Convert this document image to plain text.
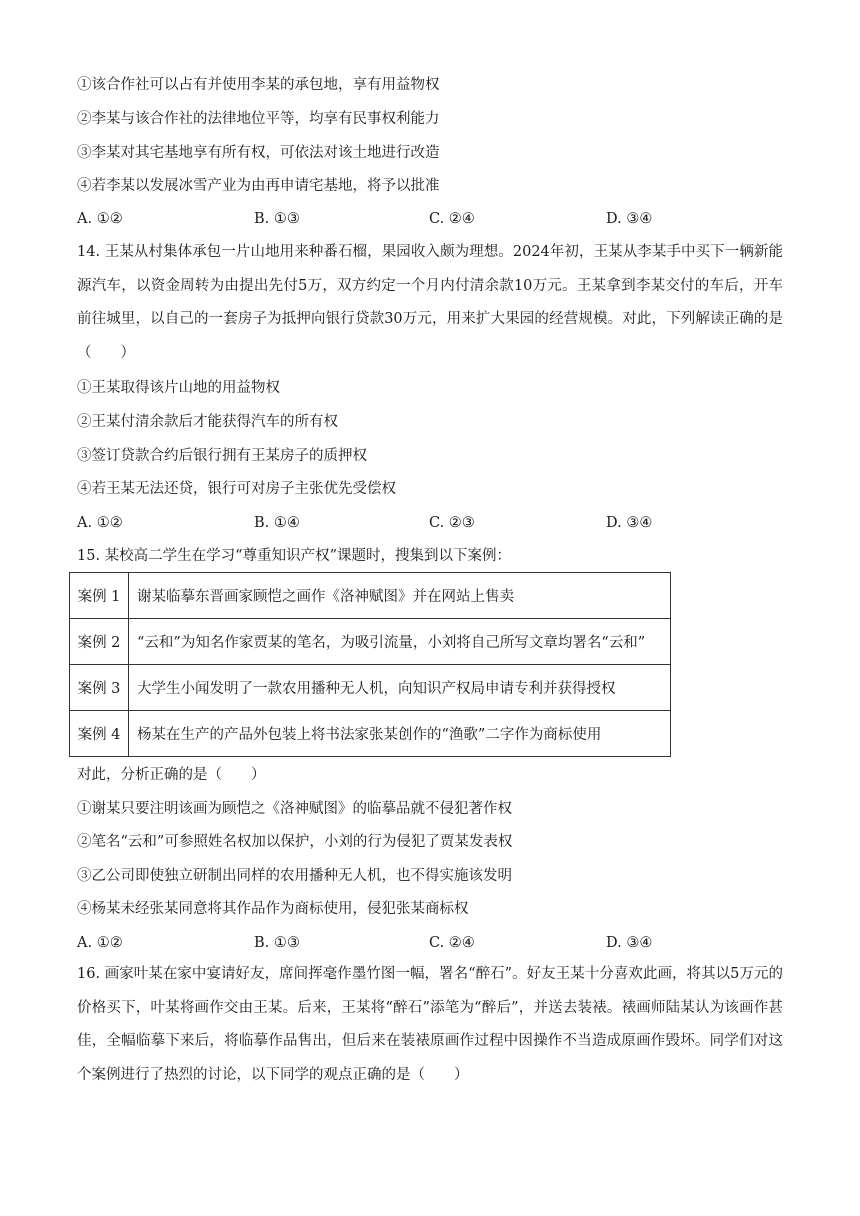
①该合作社可以占有并使用李某的承包地，享有用益物权
②李某与该合作社的法律地位平等，均享有民事权利能力
③李某对其宅基地享有所有权，可依法对该土地进行改造
④若李某以发展冰雪产业为由再申请宅基地，将予以批准
A. ①②	B. ①③	C. ②④	D. ③④
14. 王某从村集体承包一片山地用来种番石榴，果园收入颇为理想。2024年初，王某从李某手中买下一辆新能源汽车，以资金周转为由提出先付5万，双方约定一个月内付清余款10万元。王某拿到李某交付的车后，开车前往城里，以自己的一套房子为抵押向银行贷款30万元，用来扩大果园的经营规模。对此，下列解读正确的是（　　）
①王某取得该片山地的用益物权
②王某付清余款后才能获得汽车的所有权
③签订贷款合约后银行拥有王某房子的质押权
④若王某无法还贷，银行可对房子主张优先受偿权
A. ①②	B. ①④	C. ②③	D. ③④
15. 某校高二学生在学习“尊重知识产权”课题时，搜集到以下案例：
案例 1	谢某临摹东晋画家顾恺之画作《洛神赋图》并在网站上售卖
案例 2	“云和”为知名作家贾某的笔名，为吸引流量，小刘将自己所写文章均署名“云和”
案例 3	大学生小闻发明了一款农用播种无人机，向知识产权局申请专利并获得授权
案例 4	杨某在生产的产品外包装上将书法家张某创作的“渔歌”二字作为商标使用
对此，分析正确的是（　　）
①谢某只要注明该画为顾恺之《洛神赋图》的临摹品就不侵犯著作权
②笔名“云和”可参照姓名权加以保护，小刘的行为侵犯了贾某发表权
③乙公司即使独立研制出同样的农用播种无人机，也不得实施该发明
④杨某未经张某同意将其作品作为商标使用，侵犯张某商标权
A. ①②	B. ①③	C. ②④	D. ③④
16. 画家叶某在家中宴请好友，席间挥毫作墨竹图一幅，署名“醉石”。好友王某十分喜欢此画，将其以5万元的价格买下，叶某将画作交由王某。后来，王某将“醉石”添笔为“醉后”，并送去装裱。裱画师陆某认为该画作甚佳，全幅临摹下来后，将临摹作品售出，但后来在装裱原画作过程中因操作不当造成原画作毁坏。同学们对这个案例进行了热烈的讨论，以下同学的观点正确的是（　　）
